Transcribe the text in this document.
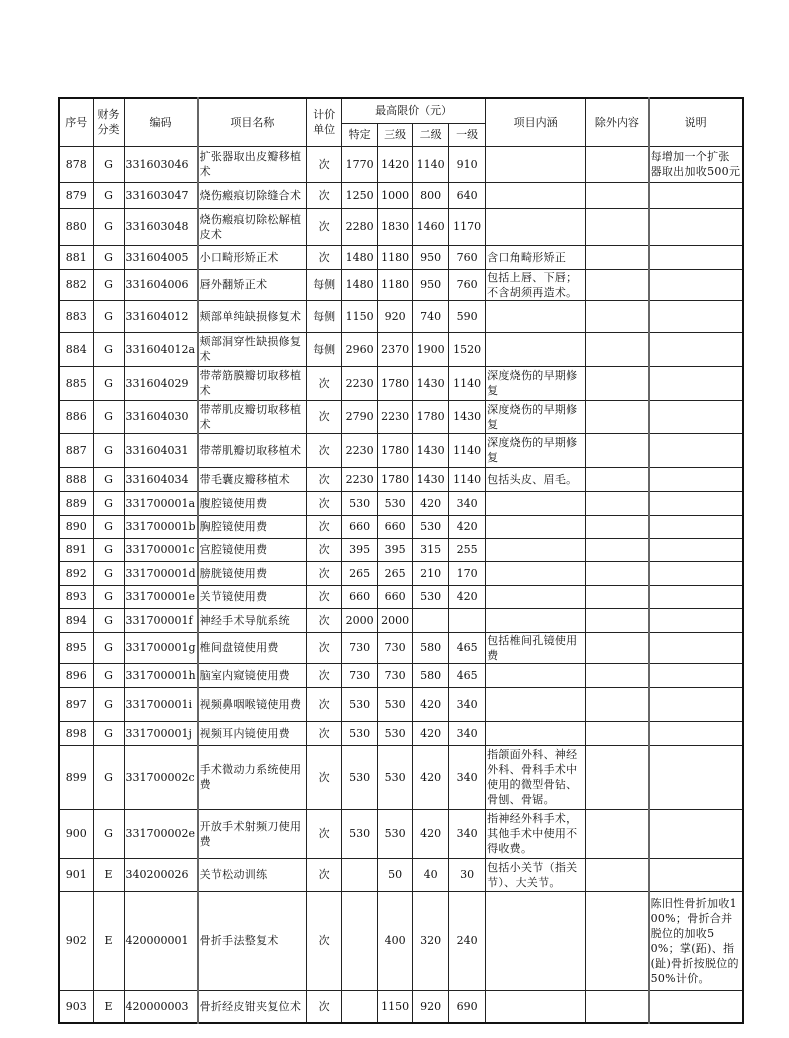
序号	财务分类	编码	项目名称	计价单位	最高限价（元）				项目内涵	除外内容	说明
					特定	三级	二级	一级			
878	G	331603046	扩张器取出皮瓣移植术	次	1770	1420	1140	910			每增加一个扩张器取出加收500元
879	G	331603047	烧伤瘢痕切除缝合术	次	1250	1000	800	640			
880	G	331603048	烧伤瘢痕切除松解植皮术	次	2280	1830	1460	1170			
881	G	331604005	小口畸形矫正术	次	1480	1180	950	760	含口角畸形矫正		
882	G	331604006	唇外翻矫正术	每侧	1480	1180	950	760	包括上唇、下唇；不含胡须再造术。		
883	G	331604012	颊部单纯缺损修复术	每侧	1150	920	740	590			
884	G	331604012a	颊部洞穿性缺损修复术	每侧	2960	2370	1900	1520			
885	G	331604029	带蒂筋膜瓣切取移植术	次	2230	1780	1430	1140	深度烧伤的早期修复		
886	G	331604030	带蒂肌皮瓣切取移植术	次	2790	2230	1780	1430	深度烧伤的早期修复		
887	G	331604031	带蒂肌瓣切取移植术	次	2230	1780	1430	1140	深度烧伤的早期修复		
888	G	331604034	带毛囊皮瓣移植术	次	2230	1780	1430	1140	包括头皮、眉毛。		
889	G	331700001a	腹腔镜使用费	次	530	530	420	340			
890	G	331700001b	胸腔镜使用费	次	660	660	530	420			
891	G	331700001c	宫腔镜使用费	次	395	395	315	255			
892	G	331700001d	膀胱镜使用费	次	265	265	210	170			
893	G	331700001e	关节镜使用费	次	660	660	530	420			
894	G	331700001f	神经手术导航系统	次	2000	2000					
895	G	331700001g	椎间盘镜使用费	次	730	730	580	465	包括椎间孔镜使用费		
896	G	331700001h	脑室内窥镜使用费	次	730	730	580	465			
897	G	331700001i	视频鼻咽喉镜使用费	次	530	530	420	340			
898	G	331700001j	视频耳内镜使用费	次	530	530	420	340			
899	G	331700002c	手术微动力系统使用费	次	530	530	420	340	指颌面外科、神经外科、骨科手术中使用的微型骨钻、骨刨、骨锯。		
900	G	331700002e	开放手术射频刀使用费	次	530	530	420	340	指神经外科手术，其他手术中使用不得收费。		
901	E	340200026	关节松动训练	次		50	40	30	包括小关节（指关节）、大关节。		
902	E	420000001	骨折手法整复术	次		400	320	240			陈旧性骨折加收100%；骨折合并脱位的加收50%；掌(跖)、指(趾)骨折按脱位的50%计价。
903	E	420000003	骨折经皮钳夹复位术	次		1150	920	690			
